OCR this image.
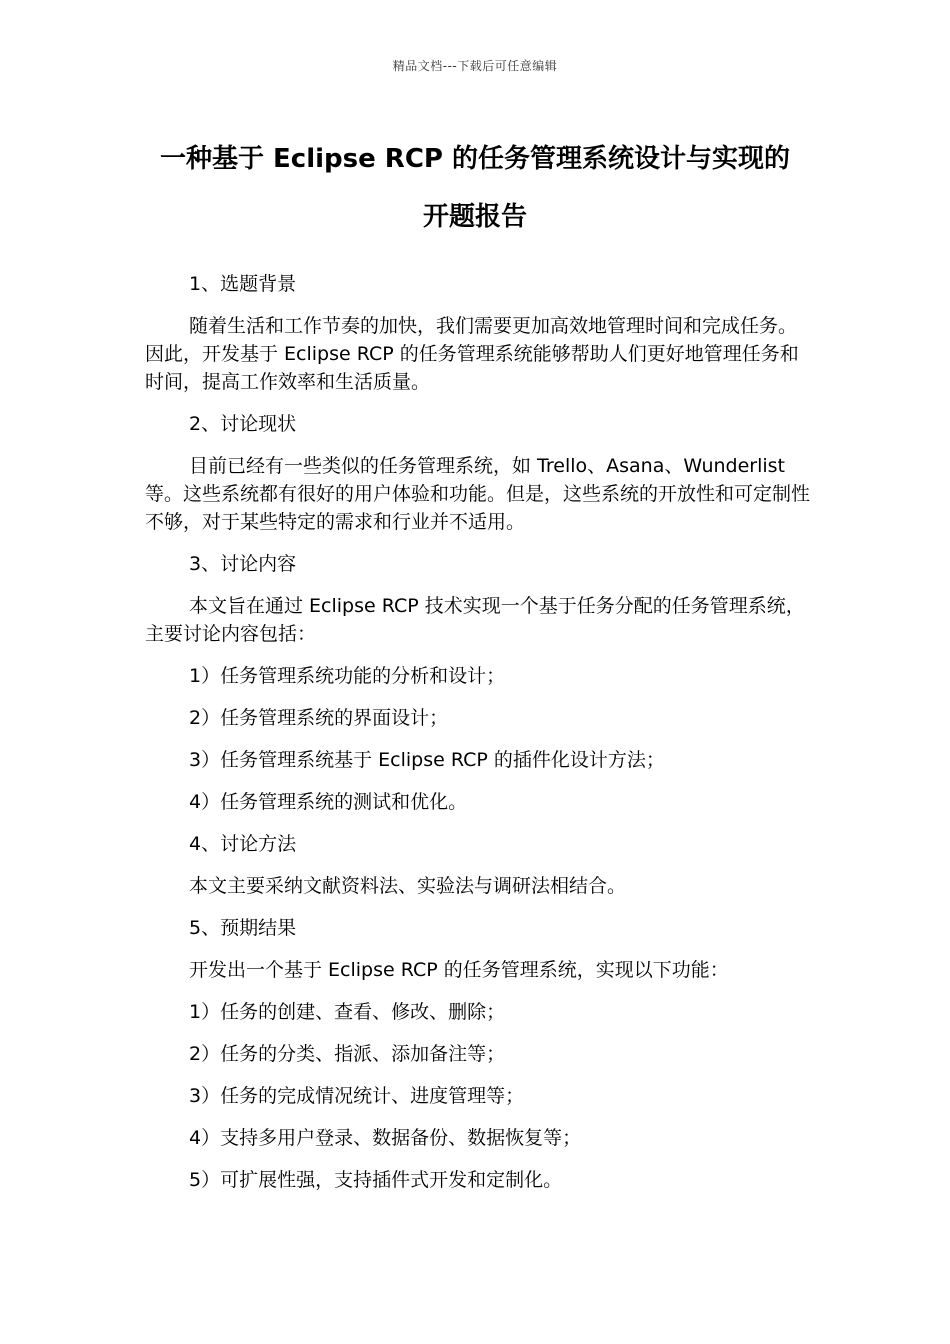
精品文档---下载后可任意编辑
一种基于 Eclipse RCP 的任务管理系统设计与实现的
开题报告

1、选题背景

随着生活和工作节奏的加快，我们需要更加高效地管理时间和完成任务。因此，开发基于 Eclipse RCP 的任务管理系统能够帮助人们更好地管理任务和时间，提高工作效率和生活质量。

2、讨论现状

目前已经有一些类似的任务管理系统，如 Trello、Asana、Wunderlist 等。这些系统都有很好的用户体验和功能。但是，这些系统的开放性和可定制性不够，对于某些特定的需求和行业并不适用。

3、讨论内容

本文旨在通过 Eclipse RCP 技术实现一个基于任务分配的任务管理系统，主要讨论内容包括：

1）任务管理系统功能的分析和设计；

2）任务管理系统的界面设计；

3）任务管理系统基于 Eclipse RCP 的插件化设计方法；

4）任务管理系统的测试和优化。

4、讨论方法

本文主要采纳文献资料法、实验法与调研法相结合。

5、预期结果

开发出一个基于 Eclipse RCP 的任务管理系统，实现以下功能：

1）任务的创建、查看、修改、删除；

2）任务的分类、指派、添加备注等；

3）任务的完成情况统计、进度管理等；

4）支持多用户登录、数据备份、数据恢复等；

5）可扩展性强，支持插件式开发和定制化。
